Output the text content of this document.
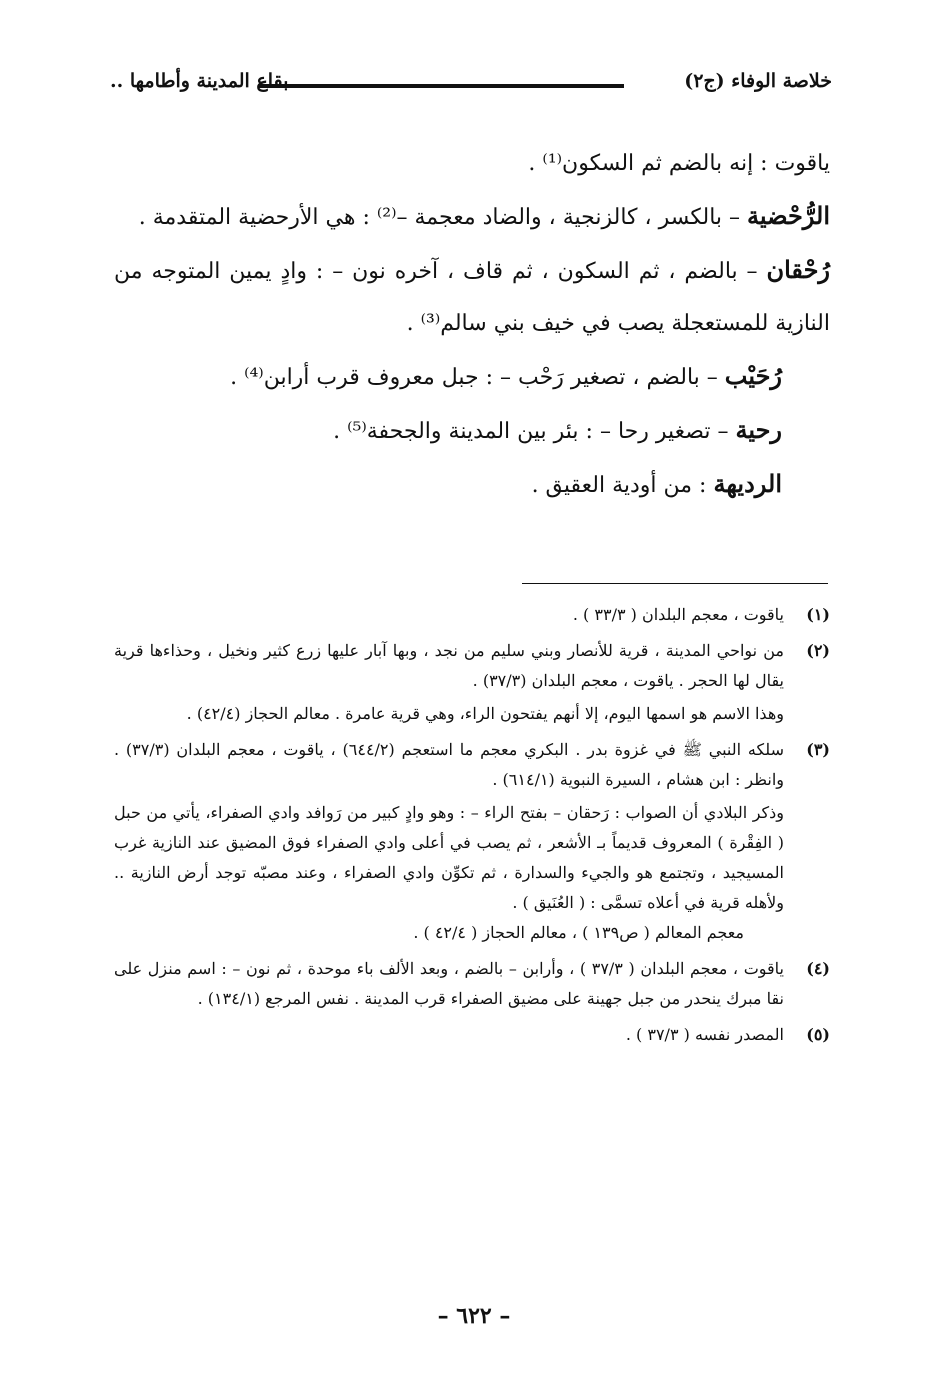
خلاصة الوفاء (ج٢)
بقاع المدينة وأطامها ..

ياقوت : إنه بالضم ثم السكون⁽¹⁾ .

الرُّحْضية – بالكسر ، كالزنجية ، والضاد معجمة –⁽²⁾ : هي الأرحضية المتقدمة .

رُحْقان – بالضم ، ثم السكون ، ثم قاف ، آخره نون – : وادٍ يمين المتوجه من النازية للمستعجلة يصب في خيف بني سالم⁽³⁾ .

رُحَيْب – بالضم ، تصغير رَحْب – : جبل معروف قرب أرابن⁽⁴⁾ .

رحية – تصغير رحا – : بئر بين المدينة والجحفة⁽⁵⁾ .

الرديهة : من أودية العقيق .

(١)
ياقوت ، معجم البلدان ( ٣٣/٣ ) .

(٢)
من نواحي المدينة ، قرية للأنصار وبني سليم من نجد ، وبها آبار عليها زرع كثير ونخيل ، وحذاءها قرية يقال لها الحجر . ياقوت ، معجم البلدان (٣٧/٣) .
وهذا الاسم هو اسمها اليوم، إلا أنهم يفتحون الراء، وهي قرية عامرة . معالم الحجاز (٤٢/٤) .

(٣)
سلكه النبي ﷺ في غزوة بدر . البكري معجم ما استعجم (٦٤٤/٢) ، ياقوت ، معجم البلدان (٣٧/٣) . وانظر : ابن هشام ، السيرة النبوية (٦١٤/١) .
وذكر البلادي أن الصواب : رَحقان – بفتح الراء – : وهو وادٍ كبير من رَوافد وادي الصفراء، يأتي من حبل ( الفِقْرة ) المعروف قديماً بـ الأشعر ، ثم يصب في أعلى وادي الصفراء فوق المضيق عند النازية غرب المسيجيد ، وتجتمع هو والجيء والسدارة ، ثم تكوِّن وادي الصفراء ، وعند مصبّه توجد أرض النازية .. ولأهله قرية في أعلاه تسمَّى : ( العُنَيق ) .
معجم المعالم ( ص١٣٩ ) ، معالم الحجاز ( ٤٢/٤ ) .

(٤)
ياقوت ، معجم البلدان ( ٣٧/٣ ) ، وأرابن – بالضم ، وبعد الألف باء موحدة ، ثم نون – : اسم منزل على نقا مبرك ينحدر من جبل جهينة على مضيق الصفراء قرب المدينة . نفس المرجع (١٣٤/١) .

(٥)
المصدر نفسه ( ٣٧/٣ ) .

– ٦٢٢ –
